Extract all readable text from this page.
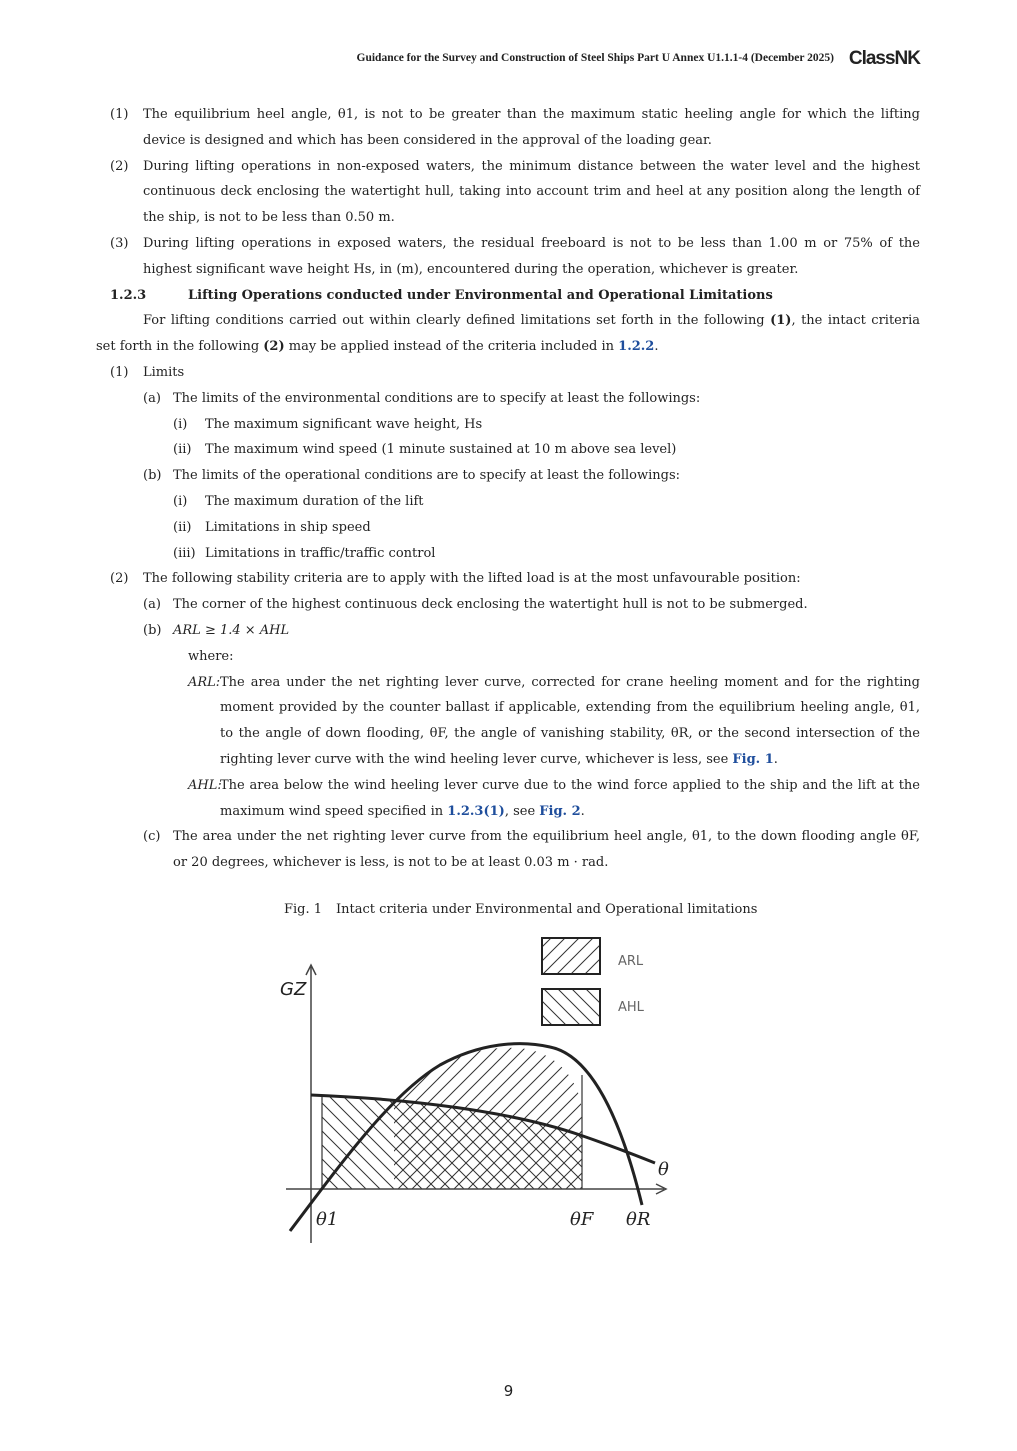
Guidance for the Survey and Construction of Steel Ships Part U Annex U1.1.1-4 (December 2025) ClassNK

(1) The equilibrium heel angle, θ1, is not to be greater than the maximum static heeling angle for which the lifting device is designed and which has been considered in the approval of the loading gear.

(2) During lifting operations in non-exposed waters, the minimum distance between the water level and the highest continuous deck enclosing the watertight hull, taking into account trim and heel at any position along the length of the ship, is not to be less than 0.50 m.

(3) During lifting operations in exposed waters, the residual freeboard is not to be less than 1.00 m or 75% of the highest significant wave height Hs, in (m), encountered during the operation, whichever is greater.

1.2.3	Lifting Operations conducted under Environmental and Operational Limitations

For lifting conditions carried out within clearly defined limitations set forth in the following (1), the intact criteria set forth in the following (2) may be applied instead of the criteria included in 1.2.2.

(1) Limits

(a) The limits of the environmental conditions are to specify at least the followings:

(i) The maximum significant wave height, Hs

(ii) The maximum wind speed (1 minute sustained at 10 m above sea level)

(b) The limits of the operational conditions are to specify at least the followings:

(i) The maximum duration of the lift

(ii) Limitations in ship speed

(iii) Limitations in traffic/traffic control

(2) The following stability criteria are to apply with the lifted load is at the most unfavourable position:

(a) The corner of the highest continuous deck enclosing the watertight hull is not to be submerged.

(b) ARL ≥ 1.4 × AHL

where:

ARL: The area under the net righting lever curve, corrected for crane heeling moment and for the righting moment provided by the counter ballast if applicable, extending from the equilibrium heeling angle, θ1, to the angle of down flooding, θF, the angle of vanishing stability, θR, or the second intersection of the righting lever curve with the wind heeling lever curve, whichever is less, see Fig. 1.

AHL:
The area below the wind heeling lever curve due to the wind force applied to the ship and the lift at the maximum wind speed specified in 1.2.3(1), see Fig. 2.

(c) The area under the net righting lever curve from the equilibrium heel angle, θ1, to the down flooding angle θF, or 20 degrees, whichever is less, is not to be at least 0.03 m · rad.

Fig. 1 Intact criteria under Environmental and Operational limitations
ARL
AHL
GZ
θ
θ1	θF θR
9
